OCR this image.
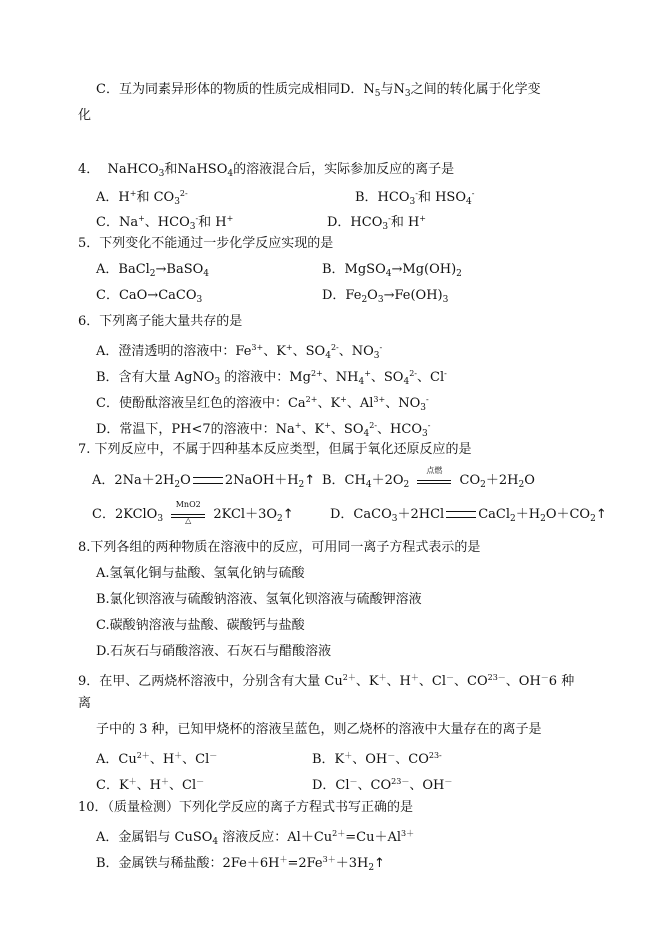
C．互为同素异形体的物质的性质完成相同D．$N_5$与$N_3$之间的转化属于化学变
化
4．  NaHCO$_3$和NaHSO$_4$的溶液混合后，实际参加反应的离子是
A．H+和 $CO_3^{2-}$	B．$HCO_3^-$和 $HSO_4^-$
C．Na+、$HCO_3^-$和 H+	D．$HCO_3^-$和 H+
5．下列变化不能通过一步化学反应实现的是
A．BaCl$_2$→BaSO$_4$	B．$MgSO_4\to Mg(OH)_2$
C．CaO→CaCO$_3$	D．$Fe_2O_3\to Fe(OH)_3$
6．下列离子能大量共存的是
A．澄清透明的溶液中：$Fe^{3+}$、K+、$SO_4^{2-}$、$NO_3^-$
B．含有大量 AgNO$_3$ 的溶液中：$Mg^{2+}$、$NH_4^+$、$SO_4^{2-}$、Cl-
C．使酚酞溶液呈红色的溶液中：$Ca^{2+}$、K+、$Al^{3+}$、$NO_3^-$
D．常温下，PH<7的溶液中：Na+、K+、$SO_4^{2-}$、$HCO_3^-$
7. 下列反应中，不属于四种基本反应类型，但属于氧化还原反应的是
A．$2Na+2H_2O$	$2NaOH+H_2↑$ B．$CH_4+2O_2$
点燃
$CO_2+2H_2O$
C．2KClO$_3$
MnO2
△	$2KCl+3O_2↑$	D．CaCO$_3$＋2HCl	$CaCl_2+H_2O+CO_2↑$
8.下列各组的两种物质在溶液中的反应，可用同一离子方程式表示的是
A.氢氧化铜与盐酸、氢氧化钠与硫酸
B.氯化钡溶液与硫酸钠溶液、氢氧化钡溶液与硫酸钾溶液
C.碳酸钠溶液与盐酸、碳酸钙与盐酸
D.石灰石与硝酸溶液、石灰石与醋酸溶液
9．在甲、乙两烧杯溶液中，分别含有大量 $Cu^{2+}$、K＋、H＋、Cl－、$CO^{23-}$、OH－6 种
离
子中的 3 种，已知甲烧杯的溶液呈蓝色，则乙烧杯的溶液中大量存在的离子是
A．$Cu^{2+}$、H＋、Cl－	B．K＋、OH－、$CO^{23-}$
C．K＋、H＋、Cl－	D．Cl－、$CO^{23-}$、OH－
10．（质量检测）下列化学反应的离子方程式书写正确的是
A．金属铝与 CuSO$_4$ 溶液反应：$Al+Cu^{2+}=Cu+Al^{3+}$
B．金属铁与稀盐酸：$2Fe+6H^+=2Fe^{3+}+3H_2↑$
